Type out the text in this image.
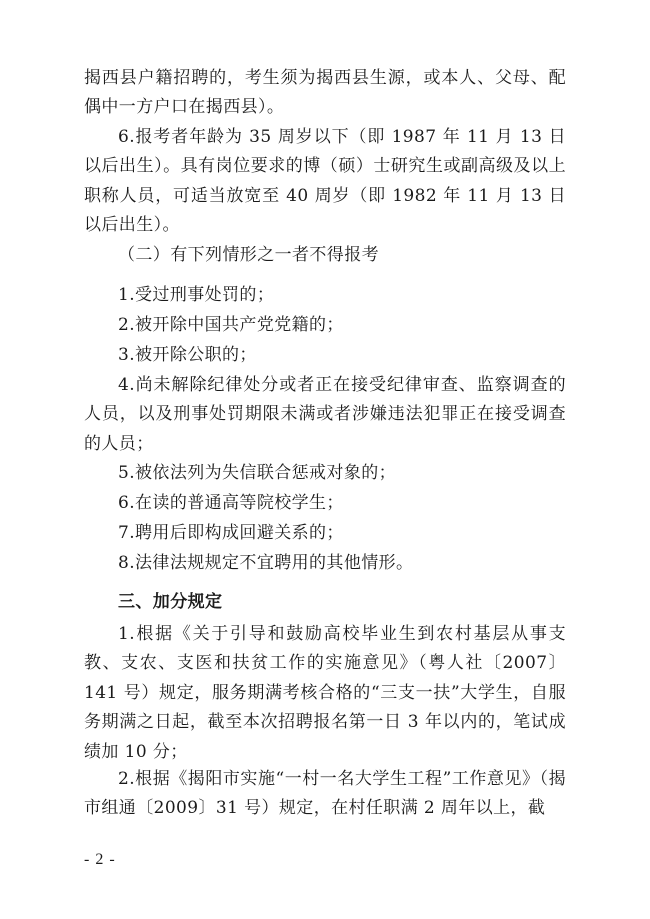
揭西县户籍招聘的，考生须为揭西县生源，或本人、父母、配偶中一方户口在揭西县）。

6.报考者年龄为 35 周岁以下（即 1987 年 11 月 13 日以后出生）。具有岗位要求的博（硕）士研究生或副高级及以上职称人员，可适当放宽至 40 周岁（即 1982 年 11 月 13 日以后出生）。

（二）有下列情形之一者不得报考

1.受过刑事处罚的；

2.被开除中国共产党党籍的；

3.被开除公职的；

4.尚未解除纪律处分或者正在接受纪律审查、监察调查的人员，以及刑事处罚期限未满或者涉嫌违法犯罪正在接受调查的人员；

5.被依法列为失信联合惩戒对象的；

6.在读的普通高等院校学生；

7.聘用后即构成回避关系的；

8.法律法规规定不宜聘用的其他情形。

三、加分规定

1.根据《关于引导和鼓励高校毕业生到农村基层从事支教、支农、支医和扶贫工作的实施意见》（粤人社〔2007〕141 号）规定，服务期满考核合格的“三支一扶”大学生，自服务期满之日起，截至本次招聘报名第一日 3 年以内的，笔试成绩加 10 分；

2.根据《揭阳市实施“一村一名大学生工程”工作意见》（揭市组通〔2009〕31 号）规定，在村任职满 2 周年以上，截

- 2 -
